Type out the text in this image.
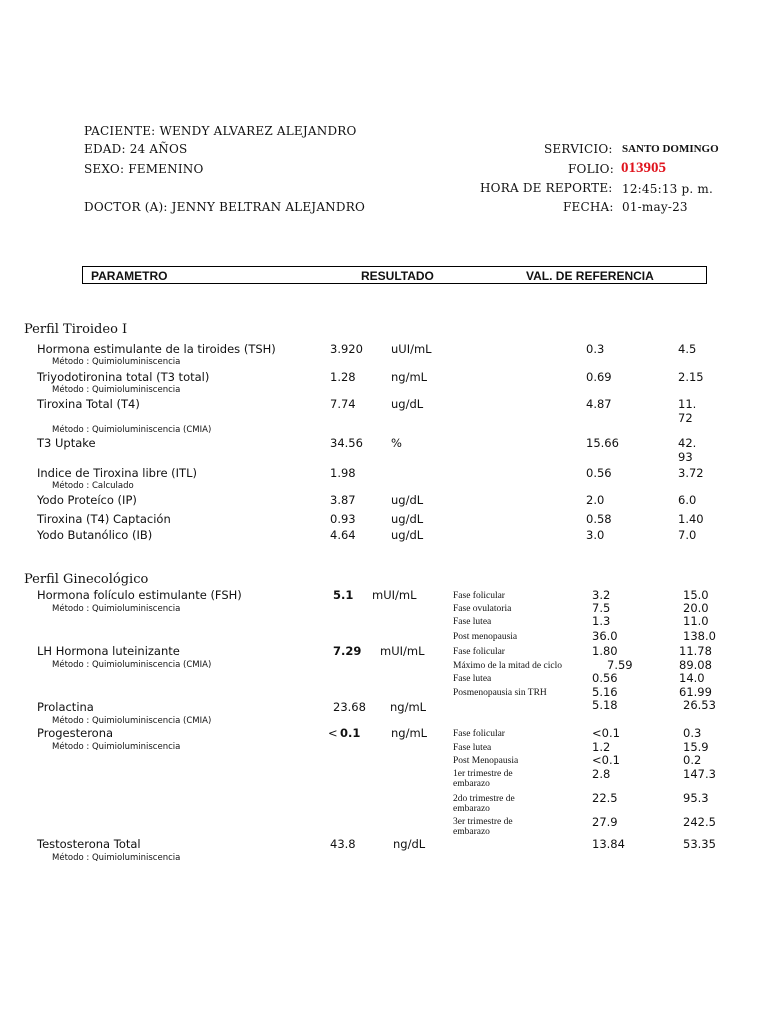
PACIENTE: WENDY ALVAREZ ALEJANDRO
EDAD: 24 AÑOS
SEXO: FEMENINO
DOCTOR (A): JENNY BELTRAN ALEJANDRO
SERVICIO: SANTO DOMINGO
FOLIO: 013905
HORA DE REPORTE: 12:45:13 p. m.
FECHA: 01-may-23
PARAMETRO	RESULTADO	VAL. DE REFERENCIA
Perfil Tiroideo I
Hormona estimulante de la tiroides (TSH)
Método : Quimioluminiscencia
3.920 uUI/mL	0.3	4.5
Triyodotironina total (T3 total)
Método : Quimioluminiscencia
1.28	ng/mL	0.69	2.15
Tiroxina Total (T4)
Método : Quimioluminiscencia (CMIA)
7.74	ug/dL	4.87	11.72
T3 Uptake	34.56 %	15.66	42.93
Indice de Tiroxina libre (ITL)
Método : Calculado
1.98	0.56	3.72
Yodo Proteíco (IP)	3.87	ug/dL	2.0	6.0
Tiroxina (T4) Captación	0.93	ug/dL	0.58	1.40
Yodo Butanólico (IB)	4.64	ug/dL	3.0	7.0
Perfil Ginecológico
Hormona folículo estimulante (FSH)
Método : Quimioluminiscencia
5.1 mUI/mL	Fase folicular	3.2	15.0
Fase ovulatoria	7.5	20.0
Fase lutea	1.3	11.0
Post menopausia	36.0	138.0
LH Hormona luteinizante
Método : Quimioluminiscencia (CMIA)
7.29 mUI/mL	Fase folicular	1.80	11.78
Máximo de la mitad de ciclo	7.59	89.08
Fase lutea	0.56	14.0
Posmenopausia sin TRH	5.16	61.99
Prolactina
Método : Quimioluminiscencia (CMIA)
23.68 ng/mL	5.18	26.53
Progesterona
Método : Quimioluminiscencia
< 0.1	ng/mL	Fase folicular	<0.1	0.3
Fase lutea	1.2	15.9
Post Menopausia	<0.1	0.2
1er trimestre de embarazo
2.8	147.3
2do trimestre de embarazo
22.5	95.3
3er trimestre de embarazo
27.9	242.5
Testosterona Total
Método : Quimioluminiscencia
43.8	ng/dL	13.84	53.35
